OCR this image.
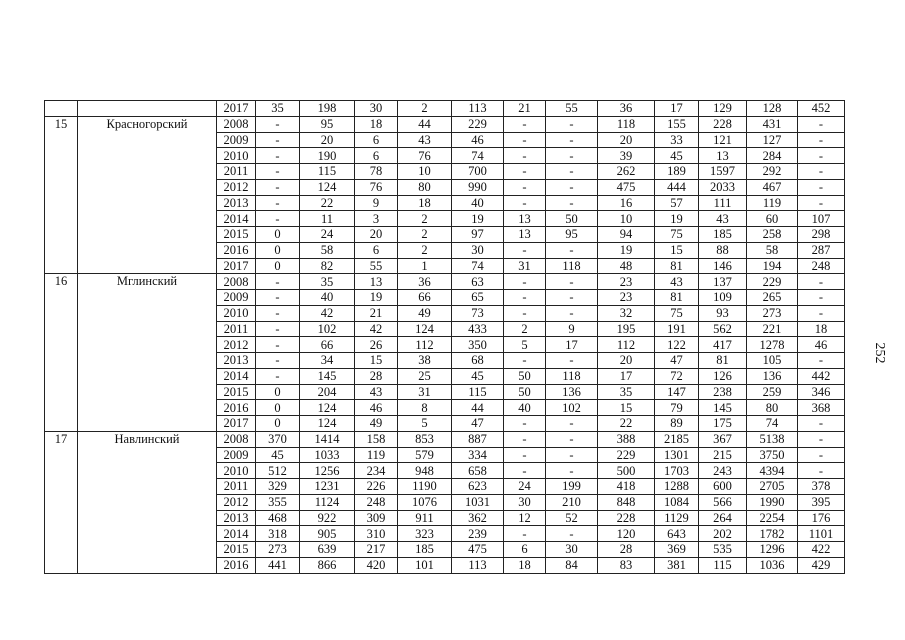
		2017	35	198	30	2	113	21	55	36	17	129	128	452
15	Красногорский	2008	-	95	18	44	229	-	-	118	155	228	431	-
		2009	-	20	6	43	46	-	-	20	33	121	127	-
		2010	-	190	6	76	74	-	-	39	45	13	284	-
		2011	-	115	78	10	700	-	-	262	189	1597	292	-
		2012	-	124	76	80	990	-	-	475	444	2033	467	-
		2013	-	22	9	18	40	-	-	16	57	111	119	-
		2014	-	11	3	2	19	13	50	10	19	43	60	107
		2015	0	24	20	2	97	13	95	94	75	185	258	298
		2016	0	58	6	2	30	-	-	19	15	88	58	287
		2017	0	82	55	1	74	31	118	48	81	146	194	248
16	Мглинский	2008	-	35	13	36	63	-	-	23	43	137	229	-
		2009	-	40	19	66	65	-	-	23	81	109	265	-
		2010	-	42	21	49	73	-	-	32	75	93	273	-
		2011	-	102	42	124	433	2	9	195	191	562	221	18
		2012	-	66	26	112	350	5	17	112	122	417	1278	46
		2013	-	34	15	38	68	-	-	20	47	81	105	-
		2014	-	145	28	25	45	50	118	17	72	126	136	442
		2015	0	204	43	31	115	50	136	35	147	238	259	346
		2016	0	124	46	8	44	40	102	15	79	145	80	368
		2017	0	124	49	5	47	-	-	22	89	175	74	-
17	Навлинский	2008	370	1414	158	853	887	-	-	388	2185	367	5138	-
		2009	45	1033	119	579	334	-	-	229	1301	215	3750	-
		2010	512	1256	234	948	658	-	-	500	1703	243	4394	-
		2011	329	1231	226	1190	623	24	199	418	1288	600	2705	378
		2012	355	1124	248	1076	1031	30	210	848	1084	566	1990	395
		2013	468	922	309	911	362	12	52	228	1129	264	2254	176
		2014	318	905	310	323	239	-	-	120	643	202	1782	1101
		2015	273	639	217	185	475	6	30	28	369	535	1296	422
		2016	441	866	420	101	113	18	84	83	381	115	1036	429
252
